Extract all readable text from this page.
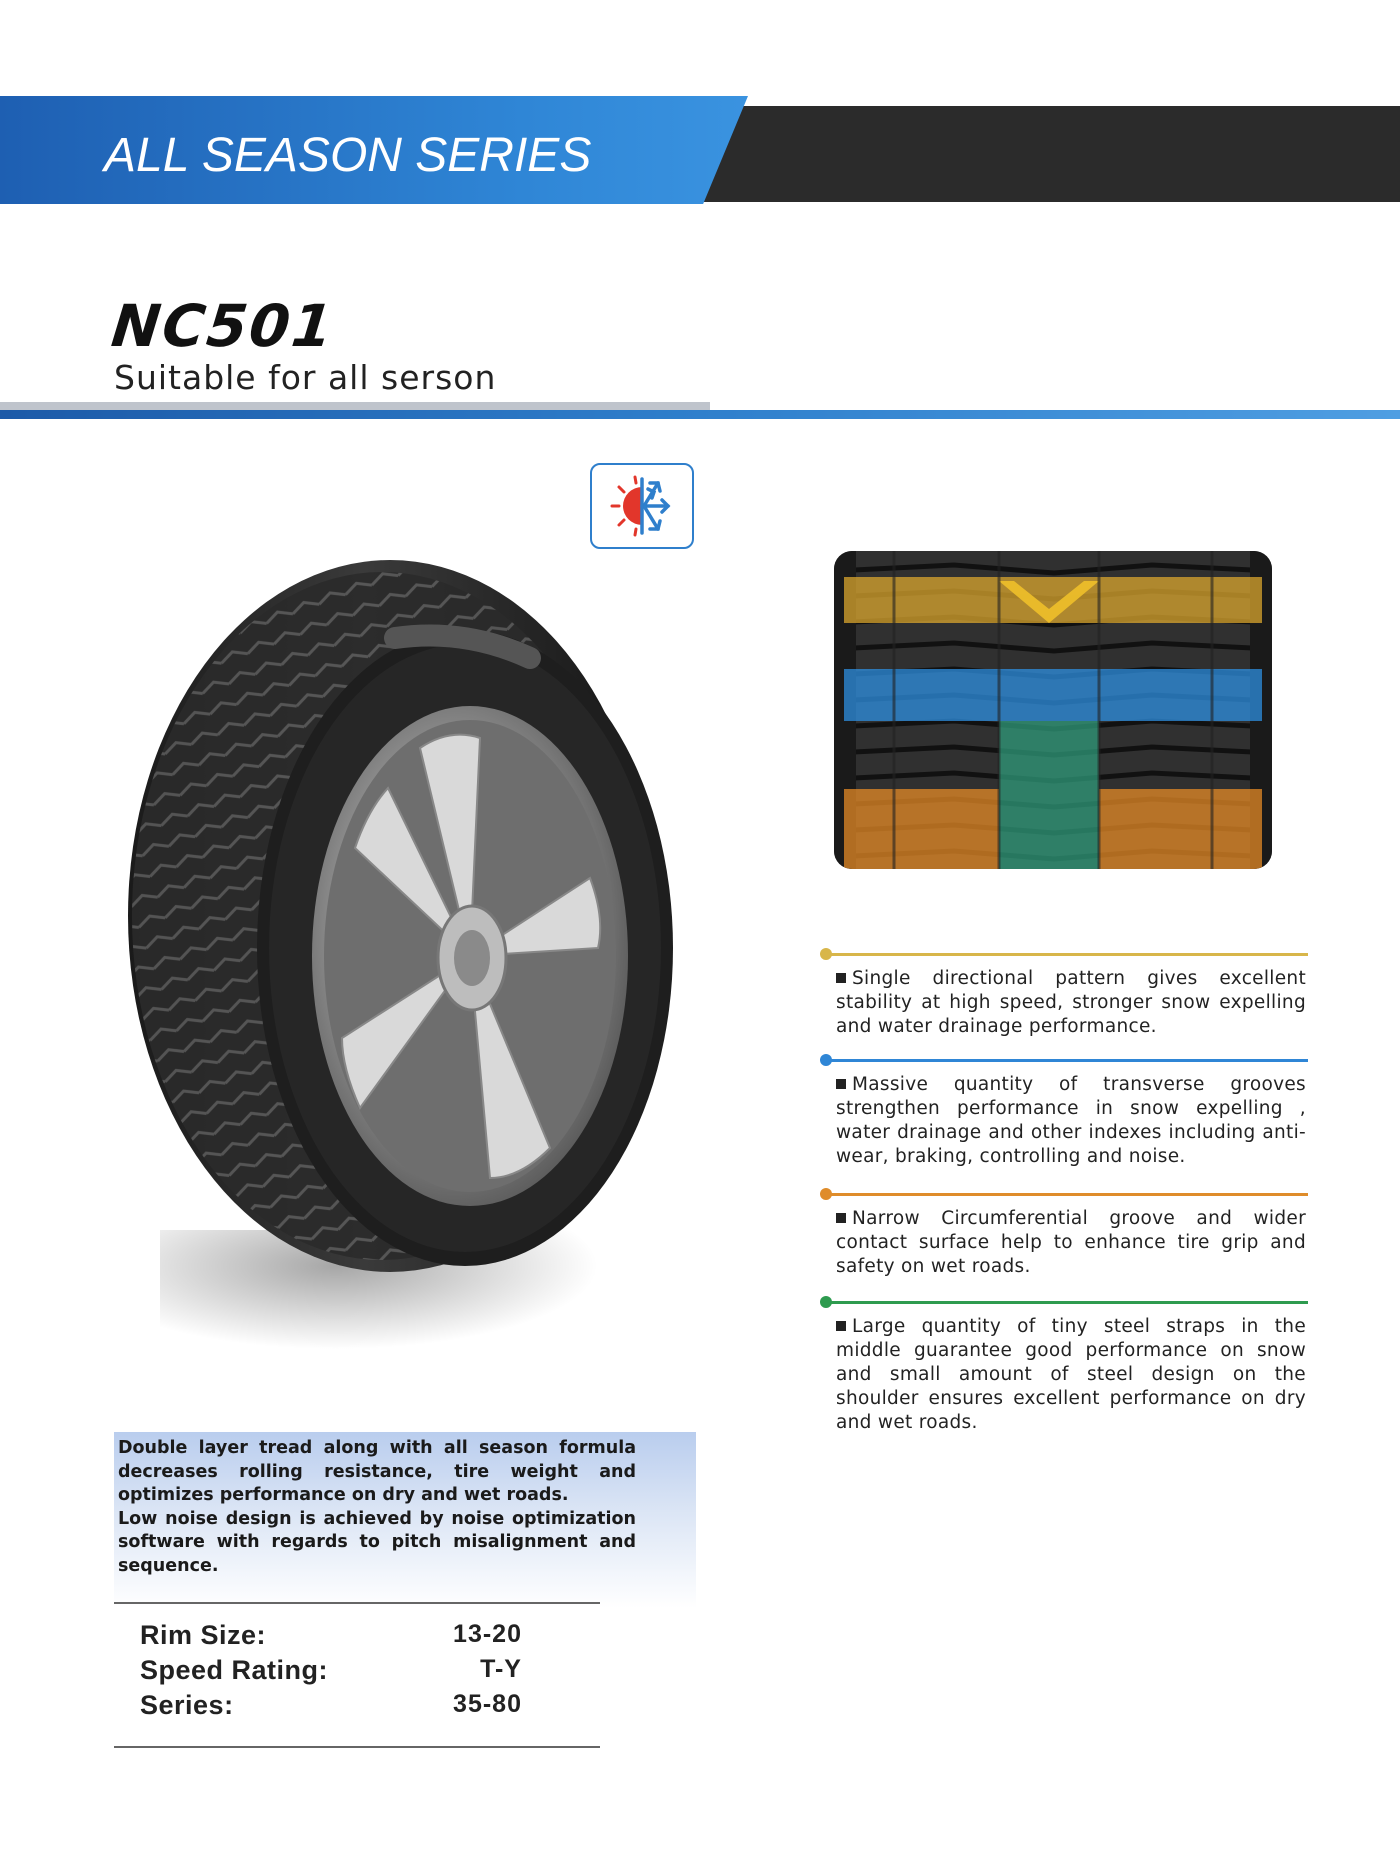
ALL SEASON SERIES
NC501
Suitable for all serson
Single directional pattern gives excellent stability at high speed, stronger snow expelling and water drainage performance.
Massive quantity of transverse grooves strengthen performance in snow expelling , water drainage and other indexes including anti-wear, braking, controlling and noise.
Narrow Circumferential groove and wider contact surface help to enhance tire grip and safety on wet roads.
Large quantity of tiny steel straps in the middle guarantee good performance on snow and small amount of steel design on the shoulder ensures excellent performance on dry and wet roads.

Double layer tread along with all season formula decreases rolling resistance, tire weight and optimizes performance on dry and wet roads.

Low noise design is achieved by noise optimization software with regards to pitch misalignment and sequence.

Rim Size:	13-20
Speed Rating:	T-Y
Series:	35-80
